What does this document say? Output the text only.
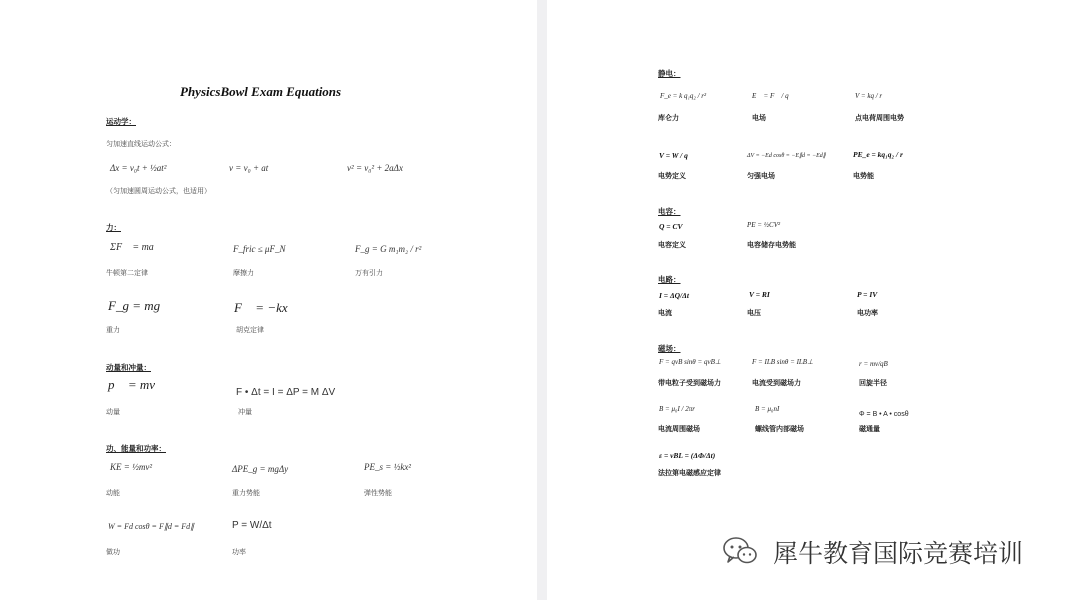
PhysicsBowl Exam Equations
运动学：
匀加速直线运动公式：
Δx = v₀t + ½at²	v = v₀ + at	v² = v₀² + 2aΔx
（匀加速圆周运动公式，也适用）
力：
ΣF⃗ = ma⃗
牛顿第二定律
F_fric ≤ μF_N
摩擦力
F_g = G m₁m₂ / r²
万有引力
F_g = mg
重力
F⃗ = −kx⃗
胡克定律
动量和冲量：
p⃗ = mv⃗
动量
F • Δt = I = ΔP = M ΔV
冲量
功、能量和功率：
KE = ½mv²
动能
ΔPE_g = mgΔy
重力势能
PE_s = ½kx²
弹性势能
W = Fd cosθ = F∥d = Fd∥
做功
P = W/Δt
功率
静电：
F_e = k q₁q₂ / r²
库仑力
E⃗ = F⃗ / q
电场
V = kq / r
点电荷周围电势
V = W / q
电势定义
ΔV = −Ed cosθ = −E∥d = −Ed∥
匀强电场
PE_e = kq₁q₂ / r
电势能
电容：
Q = CV
电容定义
PE = ½CV²
电容储存电势能
电路：
I = ΔQ/Δt
电流
V = RI
电压
P = IV
电功率
磁场：
F = qvB sinθ = qvB⊥
带电粒子受到磁场力
F = ILB sinθ = ILB⊥
电流受到磁场力
r = mv/qB
回旋半径
B = μ₀I / 2πr
电流周围磁场
B = μ₀nI
螺线管内部磁场
Φ = B • A • cosθ
磁通量
ε = vBL = (ΔΦ/Δt)
法拉第电磁感应定律
犀牛教育国际竞赛培训
